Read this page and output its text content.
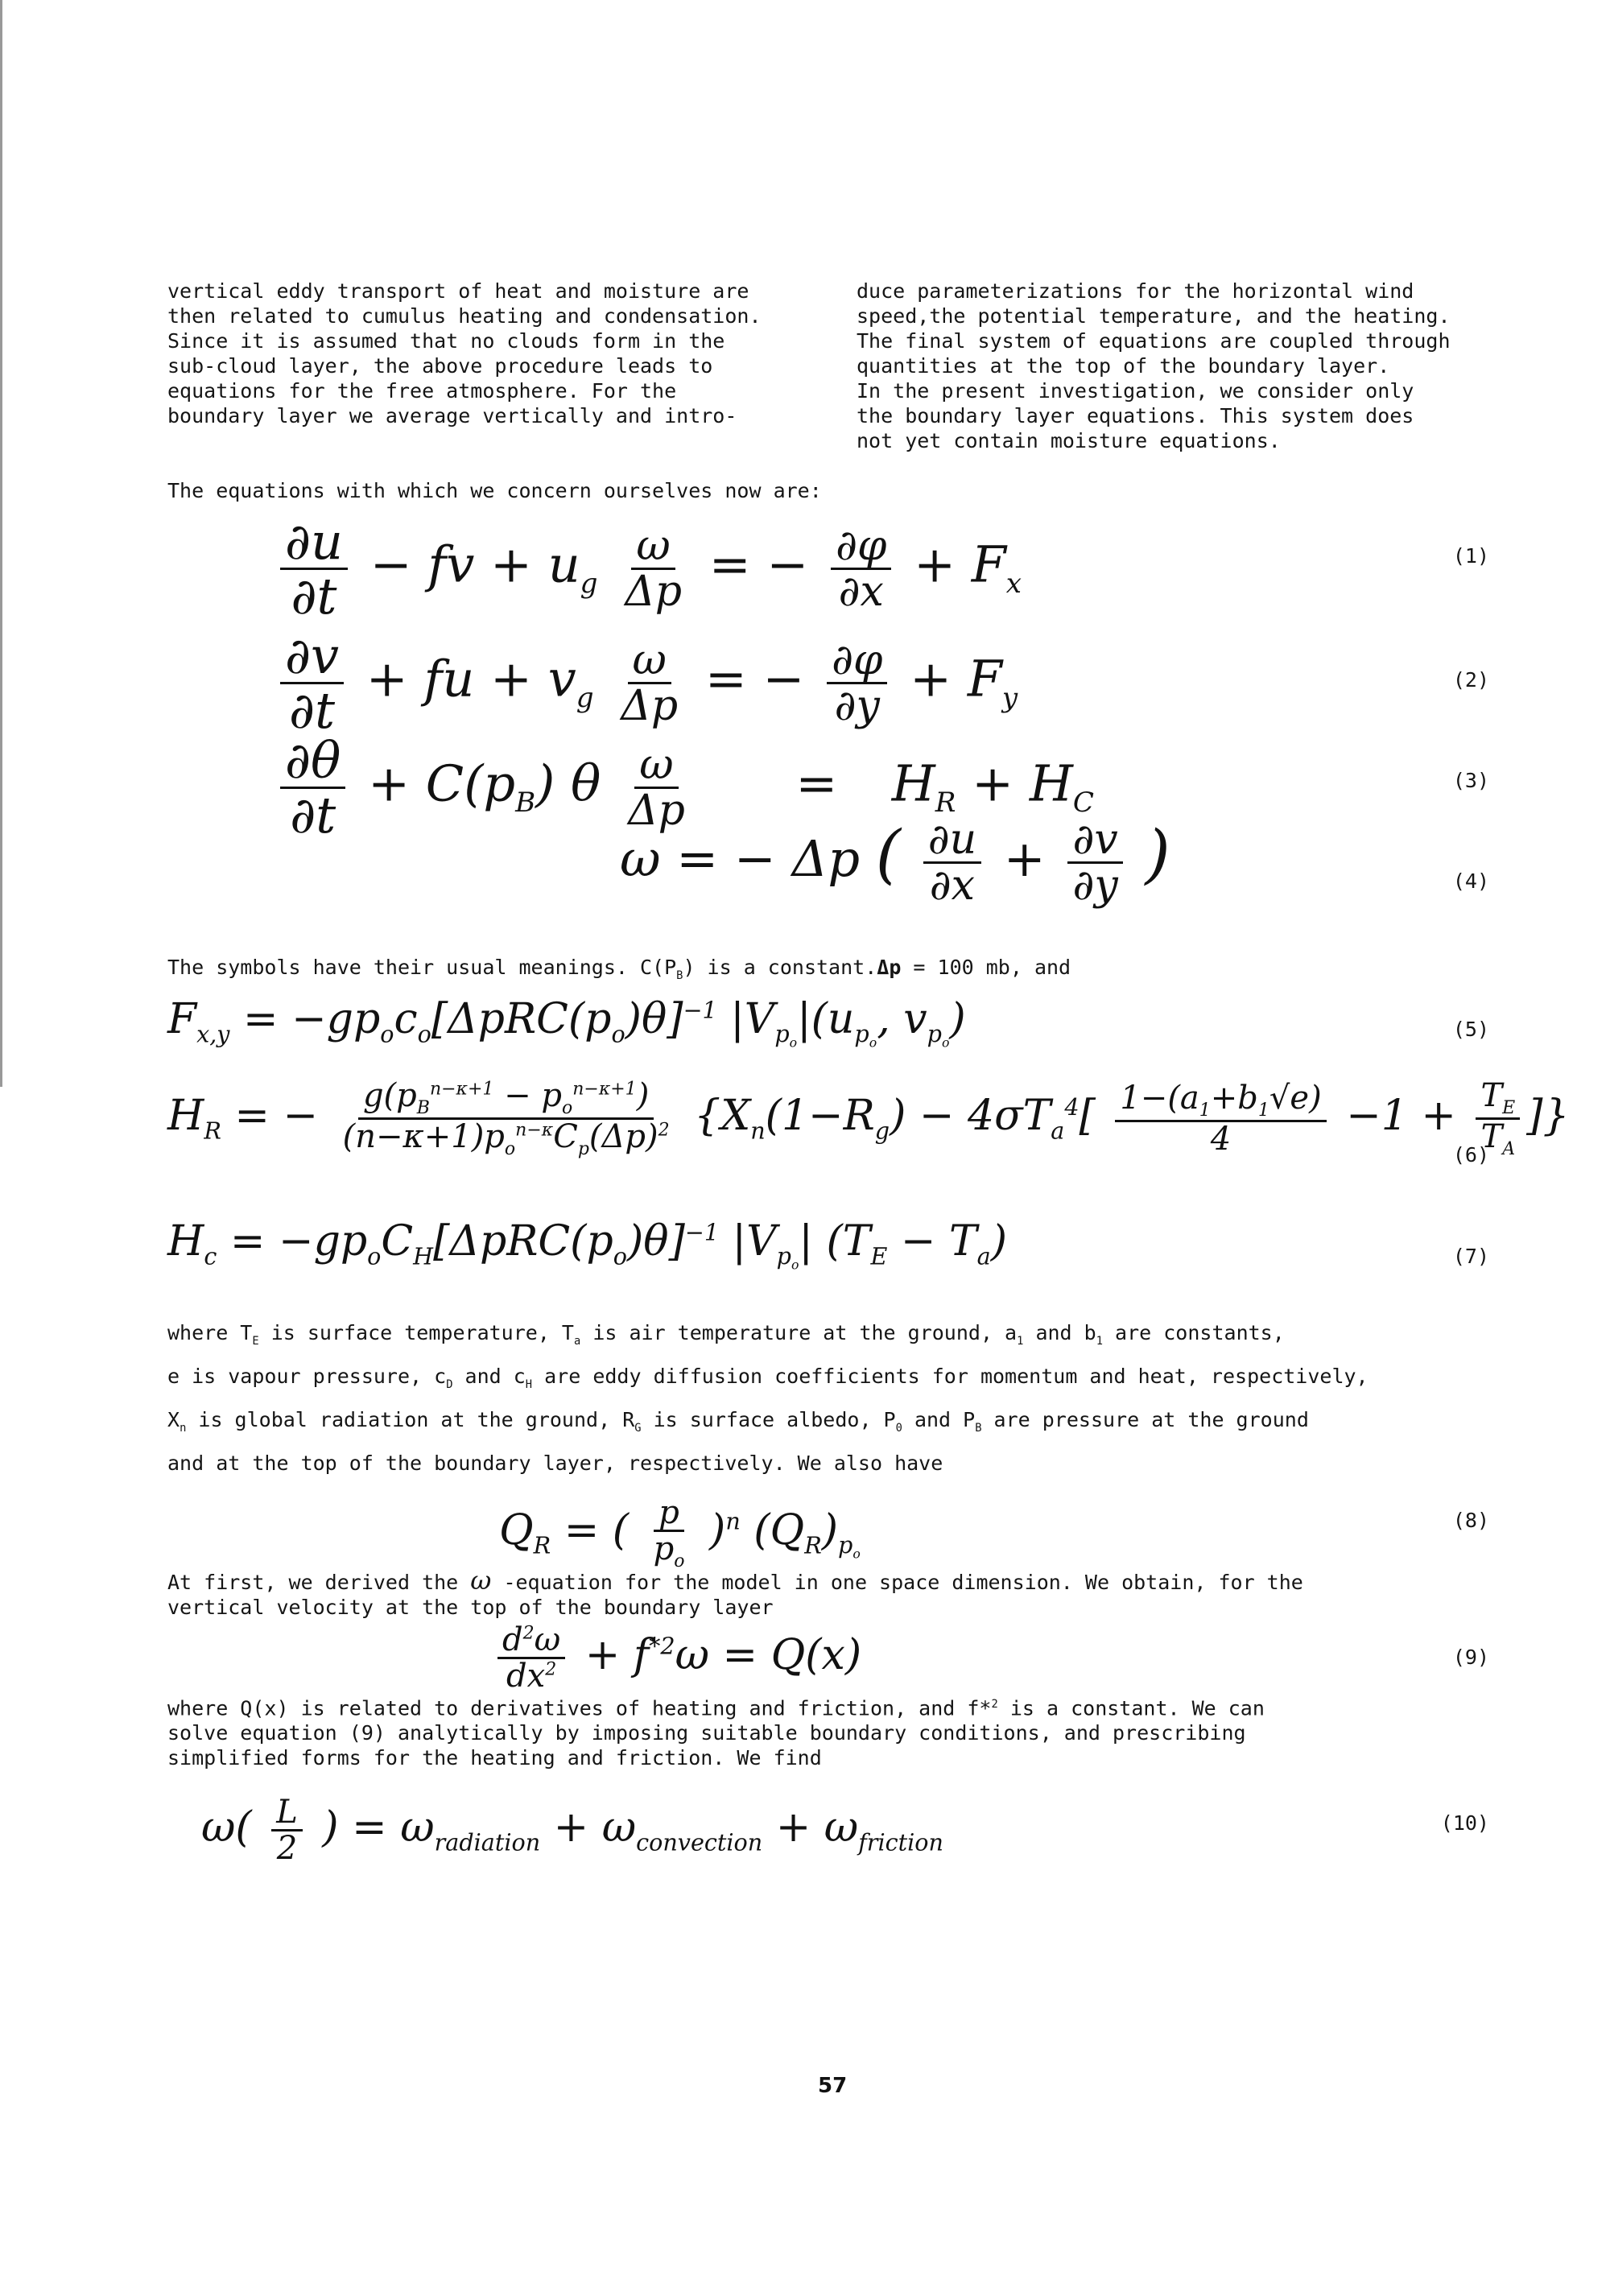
vertical eddy transport of heat and moisture are
then related to cumulus heating and condensation.
Since it is assumed that no clouds form in the
sub-cloud layer, the above procedure leads to
equations for the free atmosphere. For the
boundary layer we average vertically and intro-

duce parameterizations for the horizontal wind
speed,the potential temperature, and the heating.
The final system of equations are coupled through
quantities at the top of the boundary layer.
In the present investigation, we consider only
the boundary layer equations. This system does
not yet contain moisture equations.

The equations with which we concern ourselves now are:
$\frac{\partial u}{\partial t}$ − fv + $u_g \frac{\omega}{\Delta p}$ = − $\frac{\partial\varphi}{\partial x} + F_x$
(1)
$\frac{\partial v}{\partial t}$ + fu + $v_g \frac{\omega}{\Delta p}$ = − $\frac{\partial\varphi}{\partial y} + F_y$
(2)
$\frac{\partial\theta}{\partial t} + C(p_B)$ θ $\frac{\omega}{\Delta p} = H_R + H_C$
(3)
ω = − Δp ( $\frac{\partial u}{\partial x} + \frac{\partial v}{\partial y}$ )	(4)
The symbols have their usual meanings. $C(P_B)$ is a constant.Δp = 100 mb, and
$F_{x,y} = -gp_oc_o[\Delta pRC(p_o)\theta]^{-1}$ $|V_{p_o}|(u_{p_o}$, $v_{p_o}$)	(5)
$H_R$ = − $\frac{g(p_B^{n-\kappa+1} - p_o^{n-\kappa+1})}{(n-\kappa+1)p_o^{n-\kappa}C_p(\Delta p)^2} \{X_n(1-R_g) - 4\sigma T_a^4[ \frac{1-(a_1+b_1√e)}{4} -1 + \frac{T_E}{T_A}$ ]}
(6)
$H_c = -gp_oC_H[\Delta pRC(p_o)\theta]^{-1}$ $|V_{p_o}|$ $(T_E - T_a)$	(7)

where $T_E$ is surface temperature, $T_a$ is air temperature at the ground, $a_1$ and $b_1$ are constants,

e is vapour pressure, $c_D$ and $c_H$ are eddy diffusion coefficients for momentum and heat, respectively,

$X_n$ is global radiation at the ground, $R_G$ is surface albedo, $P_0$ and $P_B$ are pressure at the ground

and at the top of the boundary layer, respectively. We also have

$Q_R$ = ( $\frac{p}{p_o} )^n$ $(Q_R)_{p_o}$
(8)

At first, we derived the ω -equation for the model in one space dimension. We obtain, for the

vertical velocity at the top of the boundary layer

$\frac{d^2\omega}{dx^2} + f^{*2}\omega = Q(x)$	(9)

where Q(x) is related to derivatives of heating and friction, and f*$^2$ is a constant. We can

solve equation (9) analytically by imposing suitable boundary conditions, and prescribing

simplified forms for the heating and friction. We find

$\omega( \frac{L}{2}$ ) = $\omega_{radiation} + \omega_{convection} + \omega_{friction}$
(10)
57
